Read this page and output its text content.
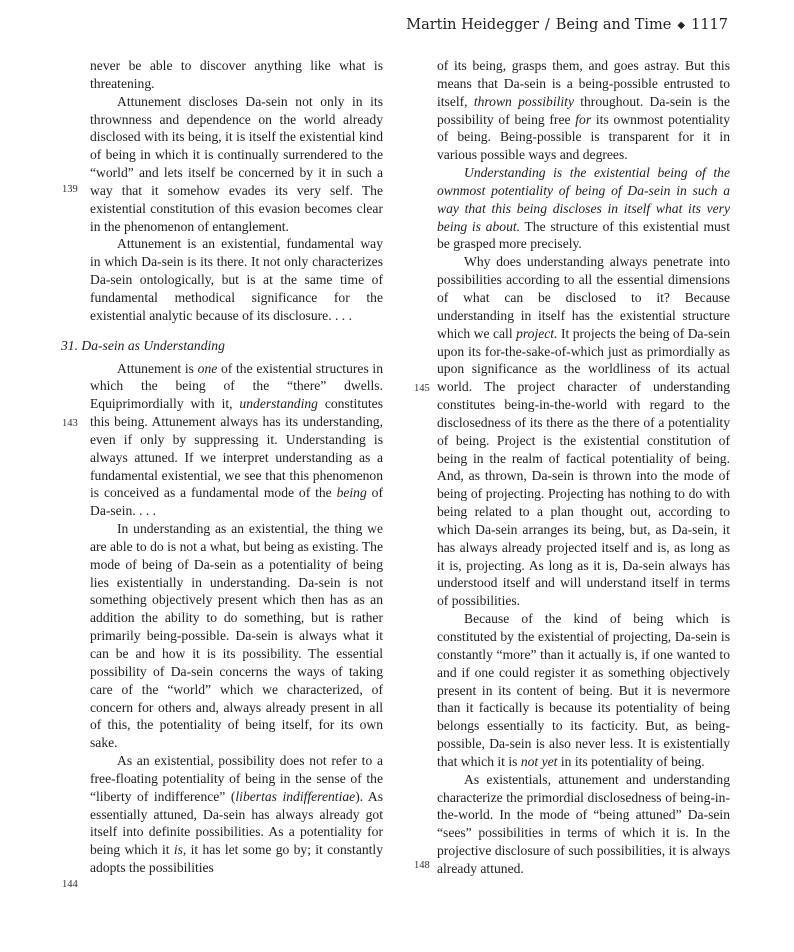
Martin Heidegger / Being and Time ◆ 1117
139
143
144
145
148

never be able to discover anything like what is threatening.

Attunement discloses Da-sein not only in its thrownness and dependence on the world already disclosed with its being, it is itself the existential kind of being in which it is continually surrendered to the “world” and lets itself be concerned by it in such a way that it somehow evades its very self. The existential constitution of this evasion becomes clear in the phenomenon of entanglement.

Attunement is an existential, fundamental way in which Da-sein is its there. It not only characterizes Da-sein ontologically, but is at the same time of fundamental methodical significance for the existential analytic because of its disclosure. . . .

31. Da-sein as Understanding

Attunement is one of the existential structures in which the being of the “there” dwells. Equiprimordially with it, understanding constitutes this being. Attunement always has its understanding, even if only by suppressing it. Understanding is always attuned. If we interpret understanding as a fundamental existential, we see that this phenomenon is conceived as a fundamental mode of the being of Da-sein. . . .

In understanding as an existential, the thing we are able to do is not a what, but being as existing. The mode of being of Da-sein as a potentiality of being lies existentially in understanding. Da-sein is not something objectively present which then has as an addition the ability to do something, but is rather primarily being-possible. Da-sein is always what it can be and how it is its possibility. The essential possibility of Da-sein concerns the ways of taking care of the “world” which we characterized, of concern for others and, always already present in all of this, the potentiality of being itself, for its own sake.

As an existential, possibility does not refer to a free-floating potentiality of being in the sense of the “liberty of indifference” (libertas indifferentiae). As essentially attuned, Da-sein has always already got itself into definite possibilities. As a potentiality for being which it is, it has let some go by; it constantly adopts the possibilities

of its being, grasps them, and goes astray. But this means that Da-sein is a being-possible entrusted to itself, thrown possibility throughout. Da-sein is the possibility of being free for its ownmost potentiality of being. Being-possible is transparent for it in various possible ways and degrees.

Understanding is the existential being of the ownmost potentiality of being of Da-sein in such a way that this being discloses in itself what its very being is about. The structure of this existential must be grasped more precisely.

Why does understanding always penetrate into possibilities according to all the essential dimensions of what can be disclosed to it? Because understanding in itself has the existential structure which we call project. It projects the being of Da-sein upon its for-the-sake-of-which just as primordially as upon significance as the worldliness of its actual world. The project character of understanding constitutes being-in-the-world with regard to the disclosedness of its there as the there of a potentiality of being. Project is the existential constitution of being in the realm of factical potentiality of being. And, as thrown, Da-sein is thrown into the mode of being of projecting. Projecting has nothing to do with being related to a plan thought out, according to which Da-sein arranges its being, but, as Da-sein, it has always already projected itself and is, as long as it is, projecting. As long as it is, Da-sein always has understood itself and will understand itself in terms of possibilities.

Because of the kind of being which is constituted by the existential of projecting, Da-sein is constantly “more” than it actually is, if one wanted to and if one could register it as something objectively present in its content of being. But it is nevermore than it factically is because its potentiality of being belongs essentially to its facticity. But, as being-possible, Da-sein is also never less. It is existentially that which it is not yet in its potentiality of being.

As existentials, attunement and understanding characterize the primordial disclosedness of being-in-the-world. In the mode of “being attuned” Da-sein “sees” possibilities in terms of which it is. In the projective disclosure of such possibilities, it is always already attuned.
